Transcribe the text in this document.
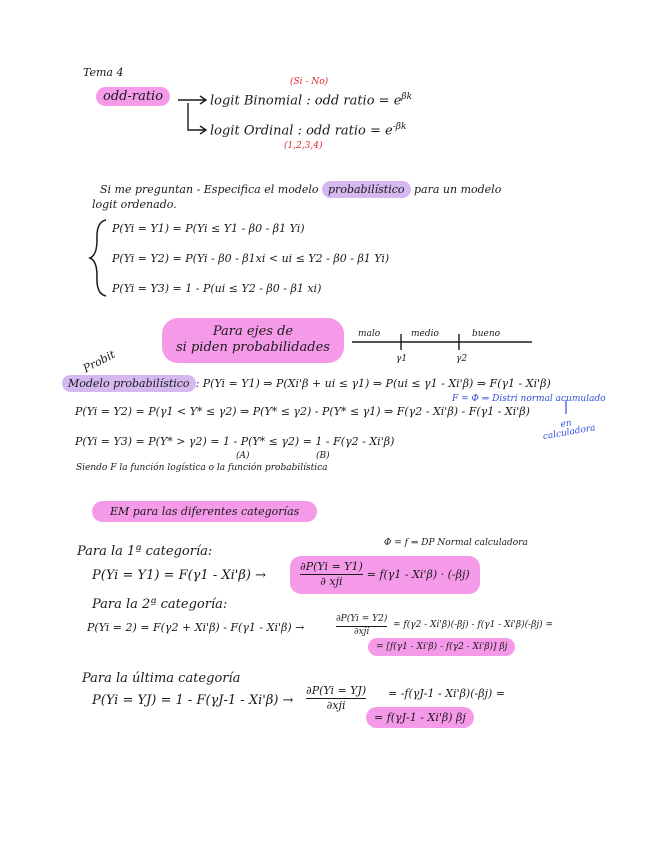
Tema 4
odd-ratio
(Si - No)
logit Binomial : odd ratio = $e^{\beta k}$
logit Ordinal : odd ratio = $e^{-\beta k}$
(1,2,3,4)
Si me preguntan - Especifica el modelo probabilístico para un modelo
logit ordenado.
P(Yi = Y1) = P(Yi ≤ Y1 - β0 - β1 Yi)
P(Yi = Y2) = P(Yi - β0 - β1xi < ui ≤ Y2 - β0 - β1 Yi)
P(Yi = Y3) = 1 - P(ui ≤ Y2 - β0 - β1 xi)
Para ejes de
si piden probabilidades
malo	medio	bueno
γ1	γ2
Probit
Modelo probabilístico : P(Yi = Y1) ⇒ P(Xi'β + ui ≤ γ1) ⇒ P(ui ≤ γ1 - Xi'β) ⇒ F(γ1 - Xi'β)
F = Φ ⇒ Distri normal acumulado
en calculadora
P(Yi = Y2) = P(γ1 < Y* ≤ γ2) ⇒ P(Y* ≤ γ2) - P(Y* ≤ γ1) ⇒ F(γ2 - Xi'β) - F(γ1 - Xi'β)
P(Yi = Y3) = P(Y* > γ2) = 1 - P(Y* ≤ γ2) = 1 - F(γ2 - Xi'β)
(A)	(B)
Siendo F la función logística o la función probabilística
EM para las diferentes categorías
Φ = f ⇒ DP Normal calculadora
Para la 1ª categoría:
P(Yi = Y1) = F(γ1 - Xi'β) →
∂P(Yi = Y1)
∂ xji
= f(γ1 - Xi'β) · (-βj)
Para la 2ª categoría:
P(Yi = 2) = F(γ2 + Xi'β) - F(γ1 - Xi'β) →
∂P(Yi = Y2)
∂xji
= f(γ2 - Xi'β)(-βj) - f(γ1 - Xi'β)(-βj) =
= [f(γ1 - Xi'β) - f(γ2 - Xi'β)] βj
Para la última categoría
P(Yi = YJ) = 1 - F(γJ-1 - Xi'β) →
∂P(Yi = YJ)
∂xji
= -f(γJ-1 - Xi'β)(-βj) =
= f(γJ-1 - Xi'β) βj
